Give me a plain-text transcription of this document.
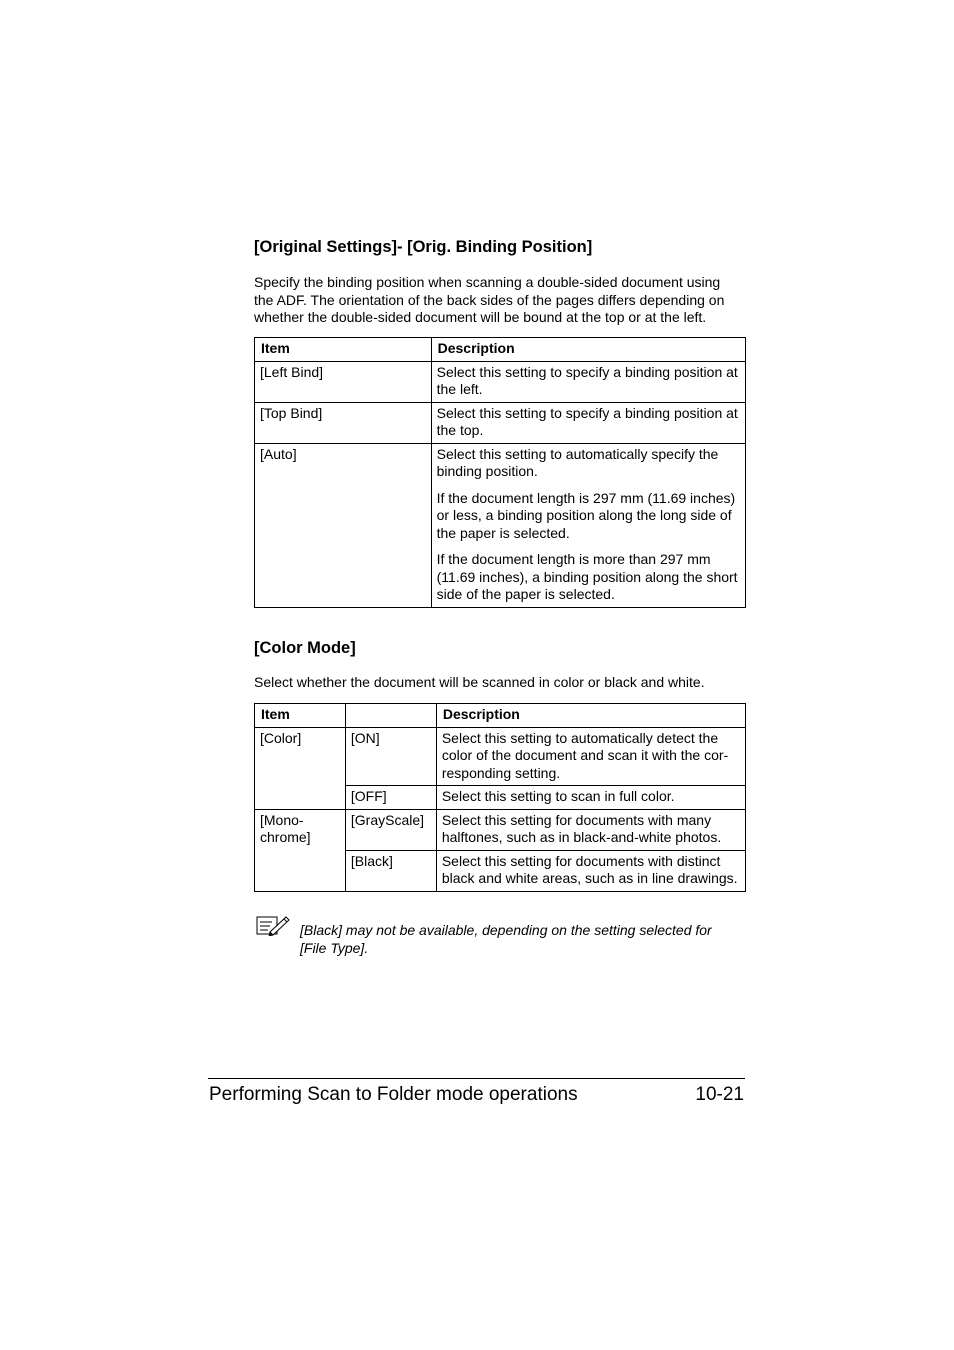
[Original Settings]- [Orig. Binding Position]
Specify the binding position when scanning a double-sided document using
the ADF. The orientation of the back sides of the pages differs depending on
whether the double-sided document will be bound at the top or at the left.
Item	Description
[Left Bind]	Select this setting to specify a binding position at the left.

[Top Bind]	Select this setting to specify a binding position at the top.

[Auto]	Select this setting to automatically specify the binding position.

If the document length is 297 mm (11.69 inches) or less, a binding position along the long side of the paper is selected.

If the document length is more than 297 mm (11.69 inches), a binding position along the short side of the paper is selected.

[Color Mode]
Select whether the document will be scanned in color or black and white.
Item		Description
[Color]	[ON]	Select this setting to automatically detect the color of the document and scan it with the cor-responding setting.
	[OFF]	Select this setting to scan in full color.
[Mono-chrome]	[GrayScale]	Select this setting for documents with many halftones, such as in black-and-white photos.
	[Black]	Select this setting for documents with distinct black and white areas, such as in line drawings.
[Black] may not be available, depending on the setting selected for
[File Type].
Performing Scan to Folder mode operations	10-21
